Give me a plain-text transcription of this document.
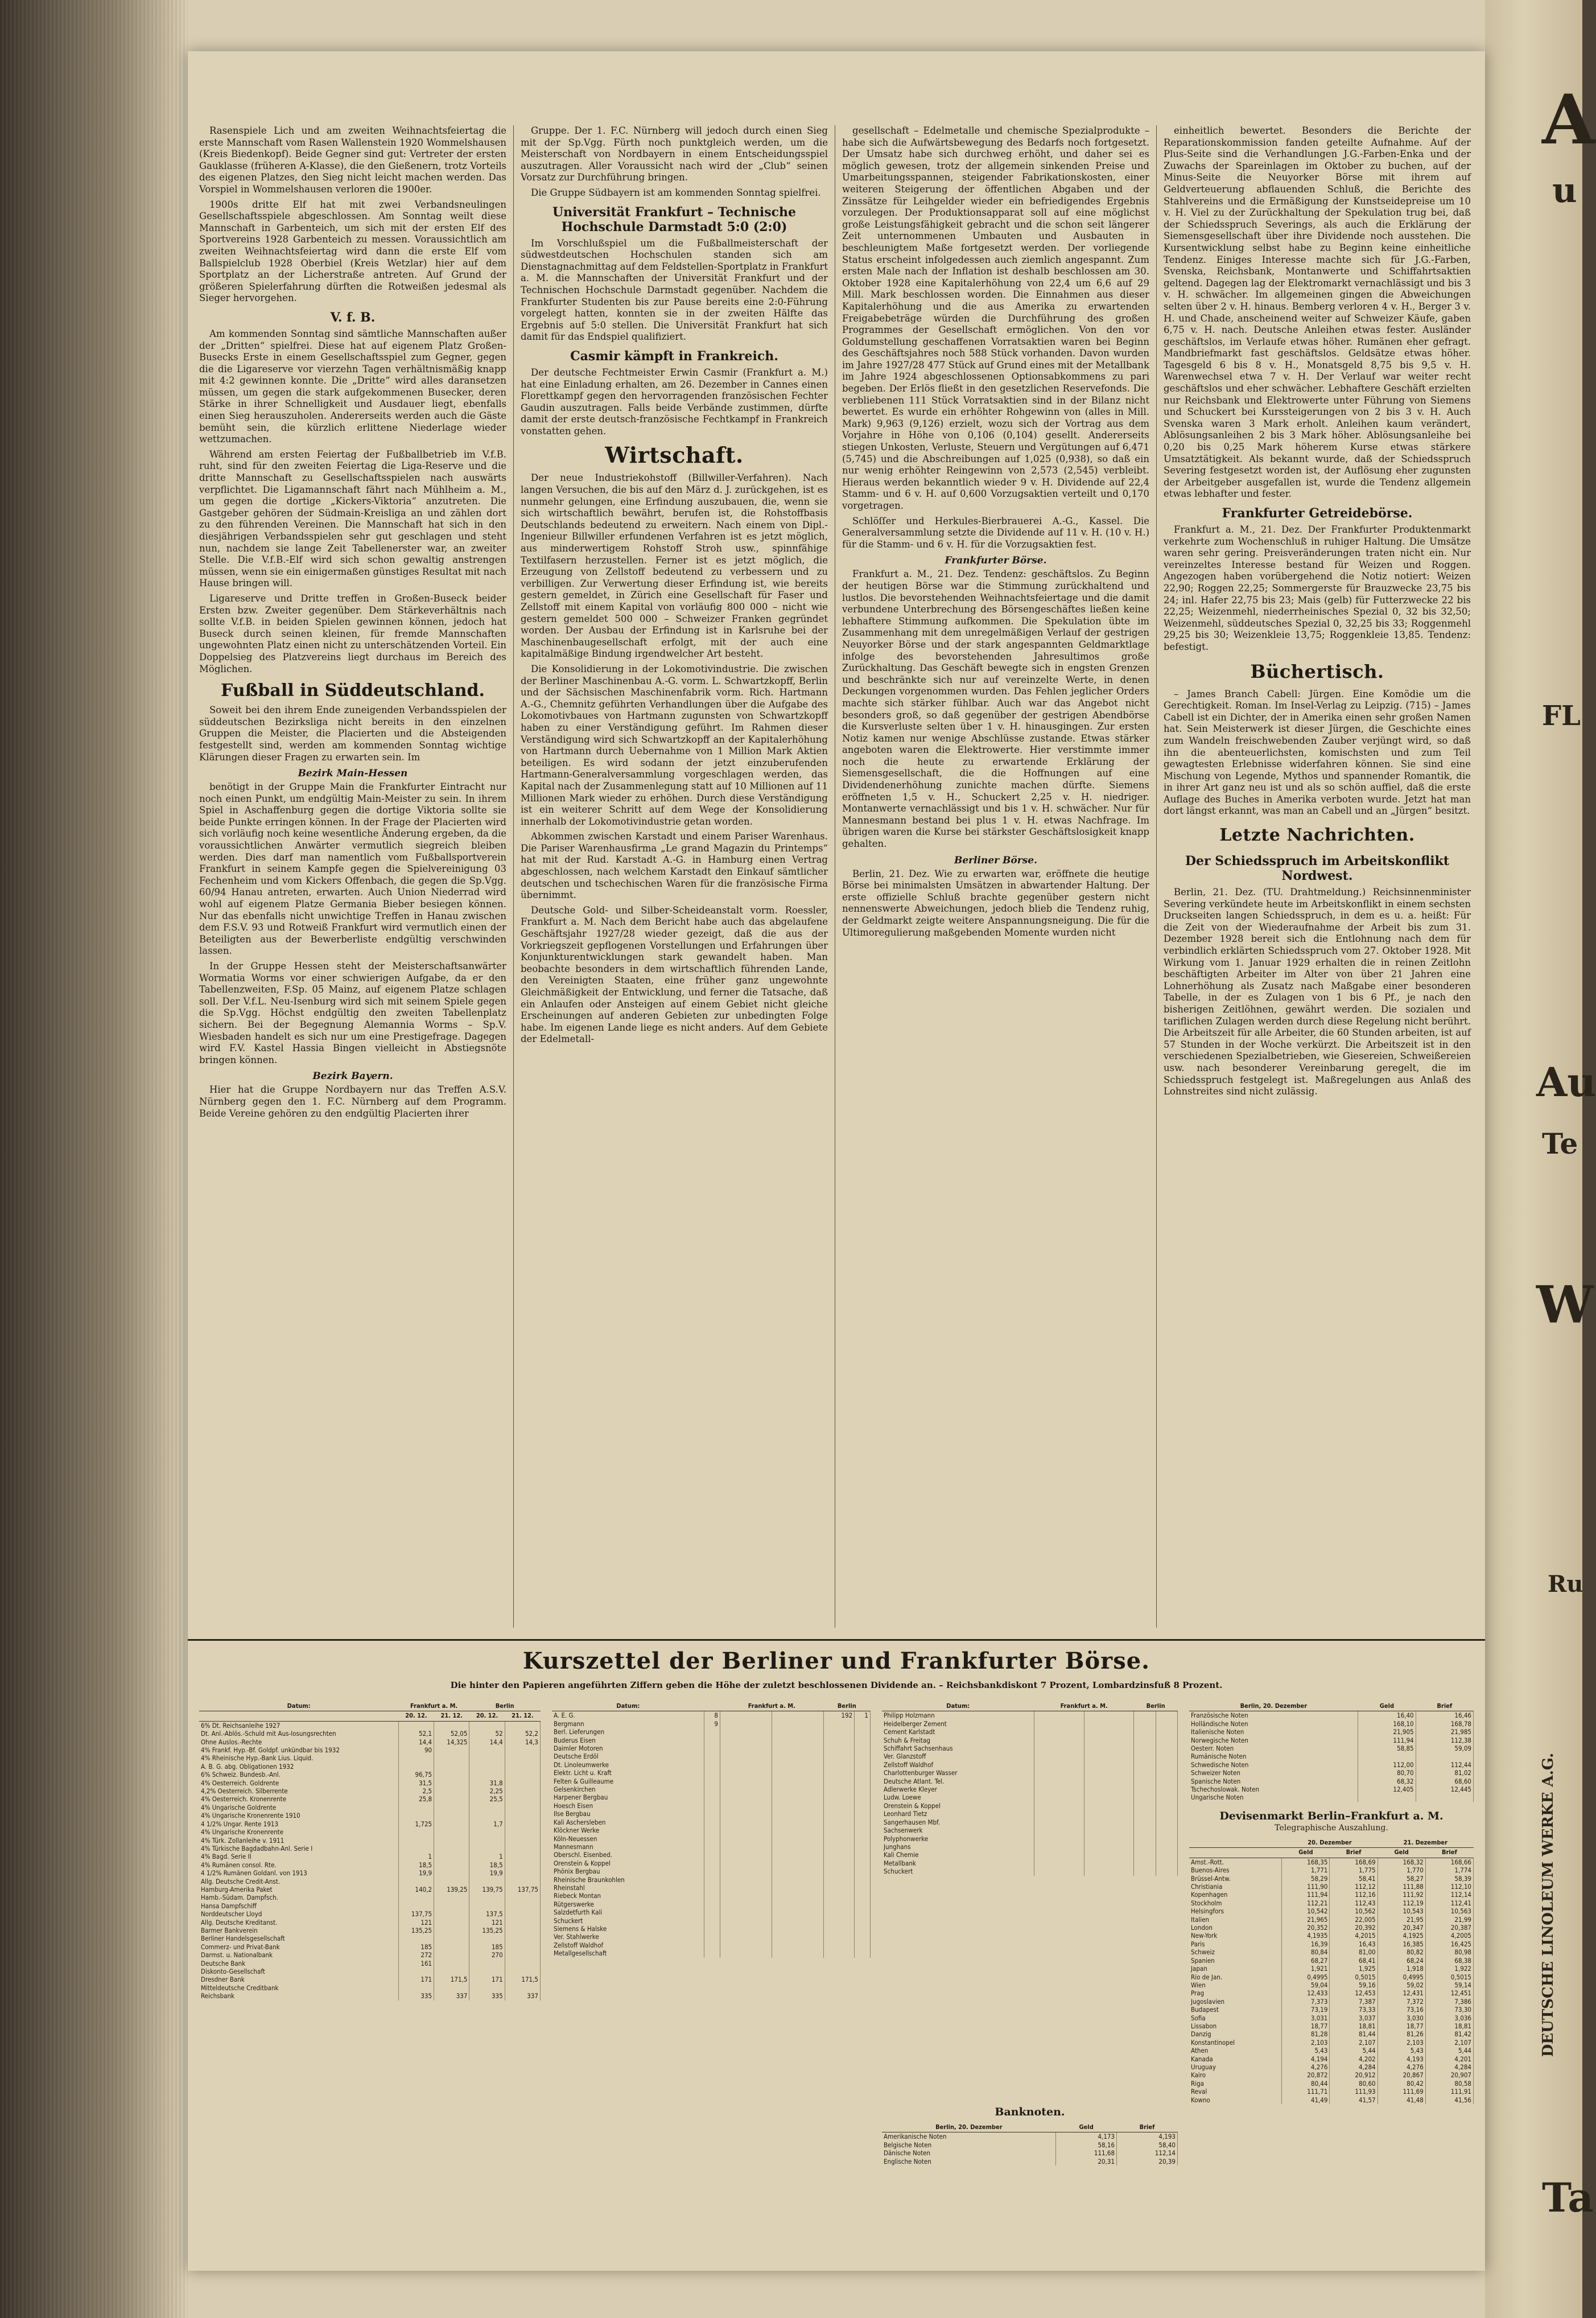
A
u
FL
Au
Te
W
Ru
Ta
DEUTSCHE LINOLEUM WERKE A.G.

Rasenspiele Lich und am zweiten Weihnachtsfeiertag die erste Mannschaft vom Rasen Wallenstein 1920 Wommelshausen (Kreis Biedenkopf). Beide Gegner sind gut: Vertreter der ersten Gauklasse (früheren A-Klasse), die den Gießenern, trotz Vorteils des eigenen Platzes, den Sieg nicht leicht machen werden. Das Vorspiel in Wommelshausen verloren die 1900er.

1900s dritte Elf hat mit zwei Verbandsneulingen Gesellschaftsspiele abgeschlossen. Am Sonntag weilt diese Mannschaft in Garbenteich, um sich mit der ersten Elf des Sportvereins 1928 Garbenteich zu messen. Voraussichtlich am zweiten Weihnachtsfeiertag wird dann die erste Elf vom Ballspielclub 1928 Oberbiel (Kreis Wetzlar) hier auf dem Sportplatz an der Licherstraße antreten. Auf Grund der größeren Spielerfahrung dürften die Rotweißen jedesmal als Sieger hervorgehen.

V. f. B.

Am kommenden Sonntag sind sämtliche Mannschaften außer der „Dritten“ spielfrei. Diese hat auf eigenem Platz Großen-Busecks Erste in einem Gesellschaftsspiel zum Gegner, gegen die die Ligareserve vor vierzehn Tagen verhältnismäßig knapp mit 4:2 gewinnen konnte. Die „Dritte“ wird alles daransetzen müssen, um gegen die stark aufgekommenen Busecker, deren Stärke in ihrer Schnelligkeit und Ausdauer liegt, ebenfalls einen Sieg herauszuholen. Andererseits werden auch die Gäste bemüht sein, die kürzlich erlittene Niederlage wieder wettzumachen.

Während am ersten Feiertag der Fußballbetrieb im V.f.B. ruht, sind für den zweiten Feiertag die Liga-Reserve und die dritte Mannschaft zu Gesellschaftsspielen nach auswärts verpflichtet. Die Ligamannschaft fährt nach Mühlheim a. M., um gegen die dortige „Kickers-Viktoria“ anzutreten. Die Gastgeber gehören der Südmain-Kreisliga an und zählen dort zu den führenden Vereinen. Die Mannschaft hat sich in den diesjährigen Verbandsspielen sehr gut geschlagen und steht nun, nachdem sie lange Zeit Tabellenerster war, an zweiter Stelle. Die V.f.B.-Elf wird sich schon gewaltig anstrengen müssen, wenn sie ein einigermaßen günstiges Resultat mit nach Hause bringen will.

Ligareserve und Dritte treffen in Großen-Buseck beider Ersten bzw. Zweiter gegenüber. Dem Stärkeverhältnis nach sollte V.f.B. in beiden Spielen gewinnen können, jedoch hat Buseck durch seinen kleinen, für fremde Mannschaften ungewohnten Platz einen nicht zu unterschätzenden Vorteil. Ein Doppelsieg des Platzvereins liegt durchaus im Bereich des Möglichen.

Fußball in Süddeutschland.

Soweit bei den ihrem Ende zuneigenden Verbandsspielen der süddeutschen Bezirksliga nicht bereits in den einzelnen Gruppen die Meister, die Placierten und die Absteigenden festgestellt sind, werden am kommenden Sonntag wichtige Klärungen dieser Fragen zu erwarten sein. Im

Bezirk Main-Hessen

benötigt in der Gruppe Main die Frankfurter Eintracht nur noch einen Punkt, um endgültig Main-Meister zu sein. In ihrem Spiel in Aschaffenburg gegen die dortige Viktoria sollte sie beide Punkte erringen können. In der Frage der Placierten wird sich vorläufig noch keine wesentliche Änderung ergeben, da die voraussichtlichen Anwärter vermutlich siegreich bleiben werden. Dies darf man namentlich vom Fußballsportverein Frankfurt in seinem Kampfe gegen die Spielvereinigung 03 Fechenheim und vom Kickers Offenbach, die gegen die Sp.Vgg. 60/94 Hanau antreten, erwarten. Auch Union Niederrad wird wohl auf eigenem Platze Germania Bieber besiegen können. Nur das ebenfalls nicht unwichtige Treffen in Hanau zwischen dem F.S.V. 93 und Rotweiß Frankfurt wird vermutlich einen der Beteiligten aus der Bewerberliste endgültig verschwinden lassen.

In der Gruppe Hessen steht der Meisterschaftsanwärter Wormatia Worms vor einer schwierigen Aufgabe, da er den Tabellenzweiten, F.Sp. 05 Mainz, auf eigenem Platze schlagen soll. Der V.f.L. Neu-Isenburg wird sich mit seinem Spiele gegen die Sp.Vgg. Höchst endgültig den zweiten Tabellenplatz sichern. Bei der Begegnung Alemannia Worms – Sp.V. Wiesbaden handelt es sich nur um eine Prestigefrage. Dagegen wird F.V. Kastel Hassia Bingen vielleicht in Abstiegsnöte bringen können.

Bezirk Bayern.

Hier hat die Gruppe Nordbayern nur das Treffen A.S.V. Nürnberg gegen den 1. F.C. Nürnberg auf dem Programm. Beide Vereine gehören zu den endgültig Placierten ihrer

Gruppe. Der 1. F.C. Nürnberg will jedoch durch einen Sieg mit der Sp.Vgg. Fürth noch punktgleich werden, um die Meisterschaft von Nordbayern in einem Entscheidungsspiel auszutragen. Aller Voraussicht nach wird der „Club“ seinen Vorsatz zur Durchführung bringen.

Die Gruppe Südbayern ist am kommenden Sonntag spielfrei.

Universität Frankfurt – Technische Hochschule Darmstadt 5:0 (2:0)

Im Vorschlußspiel um die Fußballmeisterschaft der südwestdeutschen Hochschulen standen sich am Dienstagnachmittag auf dem Feldstellen-Sportplatz in Frankfurt a. M. die Mannschaften der Universität Frankfurt und der Technischen Hochschule Darmstadt gegenüber. Nachdem die Frankfurter Studenten bis zur Pause bereits eine 2:0-Führung vorgelegt hatten, konnten sie in der zweiten Hälfte das Ergebnis auf 5:0 stellen. Die Universität Frankfurt hat sich damit für das Endspiel qualifiziert.

Casmir kämpft in Frankreich.

Der deutsche Fechtmeister Erwin Casmir (Frankfurt a. M.) hat eine Einladung erhalten, am 26. Dezember in Cannes einen Florettkampf gegen den hervorragenden französischen Fechter Gaudin auszutragen. Falls beide Verbände zustimmen, dürfte damit der erste deutsch-französische Fechtkampf in Frankreich vonstatten gehen.

Wirtschaft.

Der neue Industriekohstoff (Billwiller-Verfahren). Nach langen Versuchen, die bis auf den März d. J. zurückgehen, ist es nunmehr gelungen, eine Erfindung auszubauen, die, wenn sie sich wirtschaftlich bewährt, berufen ist, die Rohstoffbasis Deutschlands bedeutend zu erweitern. Nach einem von Dipl.-Ingenieur Billwiller erfundenen Verfahren ist es jetzt möglich, aus minderwertigem Rohstoff Stroh usw., spinnfähige Textilfasern herzustellen. Ferner ist es jetzt möglich, die Erzeugung von Zellstoff bedeutend zu verbessern und zu verbilligen. Zur Verwertung dieser Erfindung ist, wie bereits gestern gemeldet, in Zürich eine Gesellschaft für Faser und Zellstoff mit einem Kapital von vorläufig 800 000 – nicht wie gestern gemeldet 500 000 – Schweizer Franken gegründet worden. Der Ausbau der Erfindung ist in Karlsruhe bei der Maschinenbaugesellschaft erfolgt, mit der auch eine kapitalmäßige Bindung irgendwelcher Art besteht.

Die Konsolidierung in der Lokomotivindustrie. Die zwischen der Berliner Maschinenbau A.-G. vorm. L. Schwartzkopff, Berlin und der Sächsischen Maschinenfabrik vorm. Rich. Hartmann A.-G., Chemnitz geführten Verhandlungen über die Aufgabe des Lokomotivbaues von Hartmann zugunsten von Schwartzkopff haben zu einer Verständigung geführt. Im Rahmen dieser Verständigung wird sich Schwartzkopff an der Kapitalerhöhung von Hartmann durch Uebernahme von 1 Million Mark Aktien beteiligen. Es wird sodann der jetzt einzuberufenden Hartmann-Generalversammlung vorgeschlagen werden, das Kapital nach der Zusammenlegung statt auf 10 Millionen auf 11 Millionen Mark wieder zu erhöhen. Durch diese Verständigung ist ein weiterer Schritt auf dem Wege der Konsolidierung innerhalb der Lokomotivindustrie getan worden.

Abkommen zwischen Karstadt und einem Pariser Warenhaus. Die Pariser Warenhausfirma „Le grand Magazin du Printemps“ hat mit der Rud. Karstadt A.-G. in Hamburg einen Vertrag abgeschlossen, nach welchem Karstadt den Einkauf sämtlicher deutschen und tschechischen Waren für die französische Firma übernimmt.

Deutsche Gold- und Silber-Scheideanstalt vorm. Roessler, Frankfurt a. M. Nach dem Bericht habe auch das abgelaufene Geschäftsjahr 1927/28 wieder gezeigt, daß die aus der Vorkriegszeit gepflogenen Vorstellungen und Erfahrungen über Konjunkturentwicklungen stark gewandelt haben. Man beobachte besonders in dem wirtschaftlich führenden Lande, den Vereinigten Staaten, eine früher ganz ungewohnte Gleichmäßigkeit der Entwicklung, und ferner die Tatsache, daß ein Anlaufen oder Ansteigen auf einem Gebiet nicht gleiche Erscheinungen auf anderen Gebieten zur unbedingten Folge habe. Im eigenen Lande liege es nicht anders. Auf dem Gebiete der Edelmetall-

gesellschaft – Edelmetalle und chemische Spezialprodukte – habe sich die Aufwärtsbewegung des Bedarfs noch fortgesetzt. Der Umsatz habe sich durchweg erhöht, und daher sei es möglich gewesen, trotz der allgemein sinkenden Preise und Umarbeitungsspannen, steigender Fabrikationskosten, einer weiteren Steigerung der öffentlichen Abgaben und der Zinssätze für Leihgelder wieder ein befriedigendes Ergebnis vorzulegen. Der Produktionsapparat soll auf eine möglichst große Leistungsfähigkeit gebracht und die schon seit längerer Zeit unternommenen Umbauten und Ausbauten in beschleunigtem Maße fortgesetzt werden. Der vorliegende Status erscheint infolgedessen auch ziemlich angespannt. Zum ersten Male nach der Inflation ist deshalb beschlossen am 30. Oktober 1928 eine Kapitalerhöhung von 22,4 um 6,6 auf 29 Mill. Mark beschlossen worden. Die Einnahmen aus dieser Kapitalerhöhung und die aus Amerika zu erwartenden Freigabebeträge würden die Durchführung des großen Programmes der Gesellschaft ermöglichen. Von den vor Goldumstellung geschaffenen Vorratsaktien waren bei Beginn des Geschäftsjahres noch 588 Stück vorhanden. Davon wurden im Jahre 1927/28 477 Stück auf Grund eines mit der Metallbank im Jahre 1924 abgeschlossenen Optionsabkommens zu pari begeben. Der Erlös fließt in den gesetzlichen Reservefonds. Die verbliebenen 111 Stück Vorratsaktien sind in der Bilanz nicht bewertet. Es wurde ein erhöhter Rohgewinn von (alles in Mill. Mark) 9,963 (9,126) erzielt, wozu sich der Vortrag aus dem Vorjahre in Höhe von 0,106 (0,104) gesellt. Andererseits stiegen Unkosten, Verluste, Steuern und Vergütungen auf 6,471 (5,745) und die Abschreibungen auf 1,025 (0,938), so daß ein nur wenig erhöhter Reingewinn von 2,573 (2,545) verbleibt. Hieraus werden bekanntlich wieder 9 v. H. Dividende auf 22,4 Stamm- und 6 v. H. auf 0,600 Vorzugsaktien verteilt und 0,170 vorgetragen.

Schlöſſer und Herkules-Bierbrauerei A.-G., Kassel. Die Generalversammlung setzte die Dividende auf 11 v. H. (10 v. H.) für die Stamm- und 6 v. H. für die Vorzugsaktien fest.

Frankfurter Börse.

Frankfurt a. M., 21. Dez. Tendenz: geschäftslos. Zu Beginn der heutigen Börse war die Stimmung zurückhaltend und lustlos. Die bevorstehenden Weihnachtsfeiertage und die damit verbundene Unterbrechung des Börsengeschäftes ließen keine lebhaftere Stimmung aufkommen. Die Spekulation übte im Zusammenhang mit dem unregelmäßigen Verlauf der gestrigen Neuyorker Börse und der stark angespannten Geldmarktlage infolge des bevorstehenden Jahresultimos große Zurückhaltung. Das Geschäft bewegte sich in engsten Grenzen und beschränkte sich nur auf vereinzelte Werte, in denen Deckungen vorgenommen wurden. Das Fehlen jeglicher Orders machte sich stärker fühlbar. Auch war das Angebot nicht besonders groß, so daß gegenüber der gestrigen Abendbörse die Kursverluste selten über 1 v. H. hinausgingen. Zur ersten Notiz kamen nur wenige Abschlüsse zustande. Etwas stärker angeboten waren die Elektrowerte. Hier verstimmte immer noch die heute zu erwartende Erklärung der Siemensgesellschaft, die die Hoffnungen auf eine Dividendenerhöhung zunichte machen dürfte. Siemens eröffneten 1,5 v. H., Schuckert 2,25 v. H. niedriger. Montanwerte vernachlässigt und bis 1 v. H. schwächer. Nur für Mannesmann bestand bei plus 1 v. H. etwas Nachfrage. Im übrigen waren die Kurse bei stärkster Geschäftslosigkeit knapp gehalten.

Berliner Börse.

Berlin, 21. Dez. Wie zu erwarten war, eröffnete die heutige Börse bei minimalsten Umsätzen in abwartender Haltung. Der erste offizielle Schluß brachte gegenüber gestern nicht nennenswerte Abweichungen, jedoch blieb die Tendenz ruhig, der Geldmarkt zeigte weitere Anspannungsneigung. Die für die Ultimoregulierung maßgebenden Momente wurden nicht

einheitlich bewertet. Besonders die Berichte der Reparationskommission fanden geteilte Aufnahme. Auf der Plus-Seite sind die Verhandlungen J.G.-Farben-Enka und der Zuwachs der Spareinlagen im Oktober zu buchen, auf der Minus-Seite die Neuyorker Börse mit ihrem auf Geldverteuerung abflauenden Schluß, die Berichte des Stahlvereins und die Ermäßigung der Kunstseidepreise um 10 v. H. Viel zu der Zurückhaltung der Spekulation trug bei, daß der Schiedsspruch Severings, als auch die Erklärung der Siemensgesellschaft über ihre Dividende noch ausstehen. Die Kursentwicklung selbst habe zu Beginn keine einheitliche Tendenz. Einiges Interesse machte sich für J.G.-Farben, Svenska, Reichsbank, Montanwerte und Schiffahrtsaktien geltend. Dagegen lag der Elektromarkt vernachlässigt und bis 3 v. H. schwächer. Im allgemeinen gingen die Abweichungen selten über 2 v. H. hinaus. Bemberg verloren 4 v. H., Berger 3 v. H. und Chade, anscheinend weiter auf Schweizer Käufe, gaben 6,75 v. H. nach. Deutsche Anleihen etwas fester. Ausländer geschäftslos, im Verlaufe etwas höher. Rumänen eher gefragt. Mandbriefmarkt fast geschäftslos. Geldsätze etwas höher. Tagesgeld 6 bis 8 v. H., Monatsgeld 8,75 bis 9,5 v. H. Warenwechsel etwa 7 v. H. Der Verlauf war weiter recht geschäftslos und eher schwächer. Lebhaftere Geschäft erzielten nur Reichsbank und Elektrowerte unter Führung von Siemens und Schuckert bei Kurssteigerungen von 2 bis 3 v. H. Auch Svenska waren 3 Mark erholt. Anleihen kaum verändert, Ablösungsanleihen 2 bis 3 Mark höher. Ablösungsanleihe bei 0,20 bis 0,25 Mark höherem Kurse etwas stärkere Umsatztätigkeit. Als bekannt wurde, daß der Schiedsspruch Severing festgesetzt worden ist, der Auflösung eher zugunsten der Arbeitgeber ausgefallen ist, wurde die Tendenz allgemein etwas lebhafter und fester.

Frankfurter Getreidebörse.

Frankfurt a. M., 21. Dez. Der Frankfurter Produktenmarkt verkehrte zum Wochenschluß in ruhiger Haltung. Die Umsätze waren sehr gering. Preisveränderungen traten nicht ein. Nur vereinzeltes Interesse bestand für Weizen und Roggen. Angezogen haben vorübergehend die Notiz notiert: Weizen 22,90; Roggen 22,25; Sommergerste für Brauzwecke 23,75 bis 24; inl. Hafer 22,75 bis 23; Mais (gelb) für Futterzwecke 22 bis 22,25; Weizenmehl, niederrheinisches Spezial 0, 32 bis 32,50; Weizenmehl, süddeutsches Spezial 0, 32,25 bis 33; Roggenmehl 29,25 bis 30; Weizenkleie 13,75; Roggenkleie 13,85. Tendenz: befestigt.

Büchertisch.

– James Branch Cabell: Jürgen. Eine Komödie um die Gerechtigkeit. Roman. Im Insel-Verlag zu Leipzig. (715) – James Cabell ist ein Dichter, der in Amerika einen sehr großen Namen hat. Sein Meisterwerk ist dieser Jürgen, die Geschichte eines zum Wandeln freischwebenden Zauber verjüngt wird, so daß ihn die abenteuerlichsten, komischsten und zum Teil gewagtesten Erlebnisse widerfahren können. Sie sind eine Mischung von Legende, Mythos und spannender Romantik, die in ihrer Art ganz neu ist und als so schön auffiel, daß die erste Auflage des Buches in Amerika verboten wurde. Jetzt hat man dort längst erkannt, was man an Cabell und an „Jürgen“ besitzt.

Letzte Nachrichten.
Der Schiedsspruch im Arbeitskonflikt Nordwest.

Berlin, 21. Dez. (TU. Drahtmeldung.) Reichsinnenminister Severing verkündete heute im Arbeitskonflikt in einem sechsten Druckseiten langen Schiedsspruch, in dem es u. a. heißt: Für die Zeit von der Wiederaufnahme der Arbeit bis zum 31. Dezember 1928 bereit sich die Entlohnung nach dem für verbindlich erklärten Schiedsspruch vom 27. Oktober 1928. Mit Wirkung vom 1. Januar 1929 erhalten die in reinen Zeitlohn beschäftigten Arbeiter im Alter von über 21 Jahren eine Lohnerhöhung als Zusatz nach Maßgabe einer besonderen Tabelle, in der es Zulagen von 1 bis 6 Pf., je nach den bisherigen Zeitlöhnen, gewährt werden. Die sozialen und tariflichen Zulagen werden durch diese Regelung nicht berührt. Die Arbeitszeit für alle Arbeiter, die 60 Stunden arbeiten, ist auf 57 Stunden in der Woche verkürzt. Die Arbeitszeit ist in den verschiedenen Spezialbetrieben, wie Giesereien, Schweißereien usw. nach besonderer Vereinbarung geregelt, die im Schiedsspruch festgelegt ist. Maßregelungen aus Anlaß des Lohnstreites sind nicht zulässig.

Kurszettel der Berliner und Frankfurter Börse.
Die hinter den Papieren angeführten Ziffern geben die Höhe der zuletzt beschlossenen Dividende an. – Reichsbankdiskont 7 Prozent, Lombardzinsfuß 8 Prozent.
Datum:	Frankfurt a. M.		Berlin	
	20. 12.	21. 12.	20. 12.	21. 12.
6% Dt. Reichsanleihe 1927				
Dt. Anl.-Ablös.-Schuld mit Aus-losungsrechten	52,1	52,05	52	52,2
Ohne Auslos.-Rechte	14,4	14,325	14,4	14,3
4% Frankf. Hyp.-Bf. Goldpf. unkündbar bis 1932	90			
4% Rheinische Hyp.-Bank Lius. Liquid.				
A. B. G. abg. Obligationen 1932				
6% Schweiz. Bundesb.-Anl.	96,75			
4% Oesterreich. Goldrente	31,5		31,8	
4,2% Oesterreich. Silberrente	2,5		2,25	
4% Oesterreich. Kronenrente	25,8		25,5	
4% Ungarische Goldrente				
4% Ungarische Kronenrente 1910				
4 1/2% Ungar. Rente 1913	1,725		1,7	
4% Ungarische Kronenrente				
4% Türk. Zollanleihe v. 1911				
4% Türkische Bagdadbahn-Anl. Serie I				
4% Bagd. Serie II	1		1	
4% Rumänen consol. Rte.	18,5		18,5	
4 1/2% Rumänen Goldanl. von 1913	19,9		19,9	
Allg. Deutsche Credit-Anst.				
Hamburg-Amerika Paket	140,2	139,25	139,75	137,75
Hamb.-Südam. Dampfsch.				
Hansa Dampfschiff				
Norddeutscher Lloyd	137,75		137,5	
Allg. Deutsche Kreditanst.	121		121	
Barmer Bankverein	135,25		135,25	
Berliner Handelsgesellschaft				
Commerz- und Privat-Bank	185		185	
Darmst. u. Nationalbank	272		270	
Deutsche Bank	161			
Diskonto-Gesellschaft				
Dresdner Bank	171	171,5	171	171,5
Mitteldeutsche Creditbank				
Reichsbank	335	337	335	337
Datum:		Frankfurt a. M.		Berlin	
A. E. G.	8			192	1
Bergmann	9				
Berl. Lieferungen					
Buderus Eisen					
Daimler Motoren					
Deutsche Erdöl					
Dt. Linoleumwerke					
Elektr. Licht u. Kraft					
Felten & Guilleaume					
Gelsenkirchen					
Harpener Bergbau					
Hoesch Eisen					
Ilse Bergbau					
Kali Aschersleben					
Klöckner Werke					
Köln-Neuessen					
Mannesmann					
Oberschl. Eisenbed.					
Orenstein & Koppel					
Phönix Bergbau					
Rheinische Braunkohlen					
Rheinstahl					
Riebeck Montan					
Rütgerswerke					
Salzdetfurth Kali					
Schuckert					
Siemens & Halske					
Ver. Stahlwerke					
Zellstoff Waldhof					
Metallgesellschaft					
Datum:	Frankfurt a. M.		Berlin	
Philipp Holzmann				
Heidelberger Zement				
Cement Karlstadt				
Schuh & Freitag				
Schiffahrt Sachsenhaus				
Ver. Glanzstoff				
Zellstoff Waldhof				
Charlottenburger Wasser				
Deutsche Atlant. Tel.				
Adlerwerke Kleyer				
Ludw. Loewe				
Orenstein & Koppel				
Leonhard Tietz				
Sangerhausen Mbf.				
Sachsenwerk				
Polyphonwerke				
Junghans				
Kali Chemie				
Metallbank				
Schuckert				
Banknoten.
Berlin, 20. Dezember	Geld	Brief
Amerikanische Noten	4,173	4,193
Belgische Noten	58,16	58,40
Dänische Noten	111,68	112,14
Englische Noten	20,31	20,39
Berlin, 20. Dezember	Geld	Brief
Französische Noten	16,40	16,46
Holländische Noten	168,10	168,78
Italienische Noten	21,905	21,985
Norwegische Noten	111,94	112,38
Oesterr. Noten	58,85	59,09
Rumänische Noten		
Schwedische Noten	112,00	112,44
Schweizer Noten	80,70	81,02
Spanische Noten	68,32	68,60
Tschechoslowak. Noten	12,405	12,445
Ungarische Noten		
Devisenmarkt Berlin–Frankfurt a. M.
Telegraphische Auszahlung.
	20. Dezember		21. Dezember	
	Geld	Brief	Geld	Brief
Amst.-Rott.	168,35	168,69	168,32	168,66
Buenos-Aires	1,771	1,775	1,770	1,774
Brüssel-Antw.	58,29	58,41	58,27	58,39
Christiania	111,90	112,12	111,88	112,10
Kopenhagen	111,94	112,16	111,92	112,14
Stockholm	112,21	112,43	112,19	112,41
Helsingfors	10,542	10,562	10,543	10,563
Italien	21,965	22,005	21,95	21,99
London	20,352	20,392	20,347	20,387
New-York	4,1935	4,2015	4,1925	4,2005
Paris	16,39	16,43	16,385	16,425
Schweiz	80,84	81,00	80,82	80,98
Spanien	68,27	68,41	68,24	68,38
Japan	1,921	1,925	1,918	1,922
Rio de Jan.	0,4995	0,5015	0,4995	0,5015
Wien	59,04	59,16	59,02	59,14
Prag	12,433	12,453	12,431	12,451
Jugoslavien	7,373	7,387	7,372	7,386
Budapest	73,19	73,33	73,16	73,30
Sofia	3,031	3,037	3,030	3,036
Lissabon	18,77	18,81	18,77	18,81
Danzig	81,28	81,44	81,26	81,42
Konstantinopel	2,103	2,107	2,103	2,107
Athen	5,43	5,44	5,43	5,44
Kanada	4,194	4,202	4,193	4,201
Uruguay	4,276	4,284	4,276	4,284
Kairo	20,872	20,912	20,867	20,907
Riga	80,44	80,60	80,42	80,58
Reval	111,71	111,93	111,69	111,91
Kowno	41,49	41,57	41,48	41,56
